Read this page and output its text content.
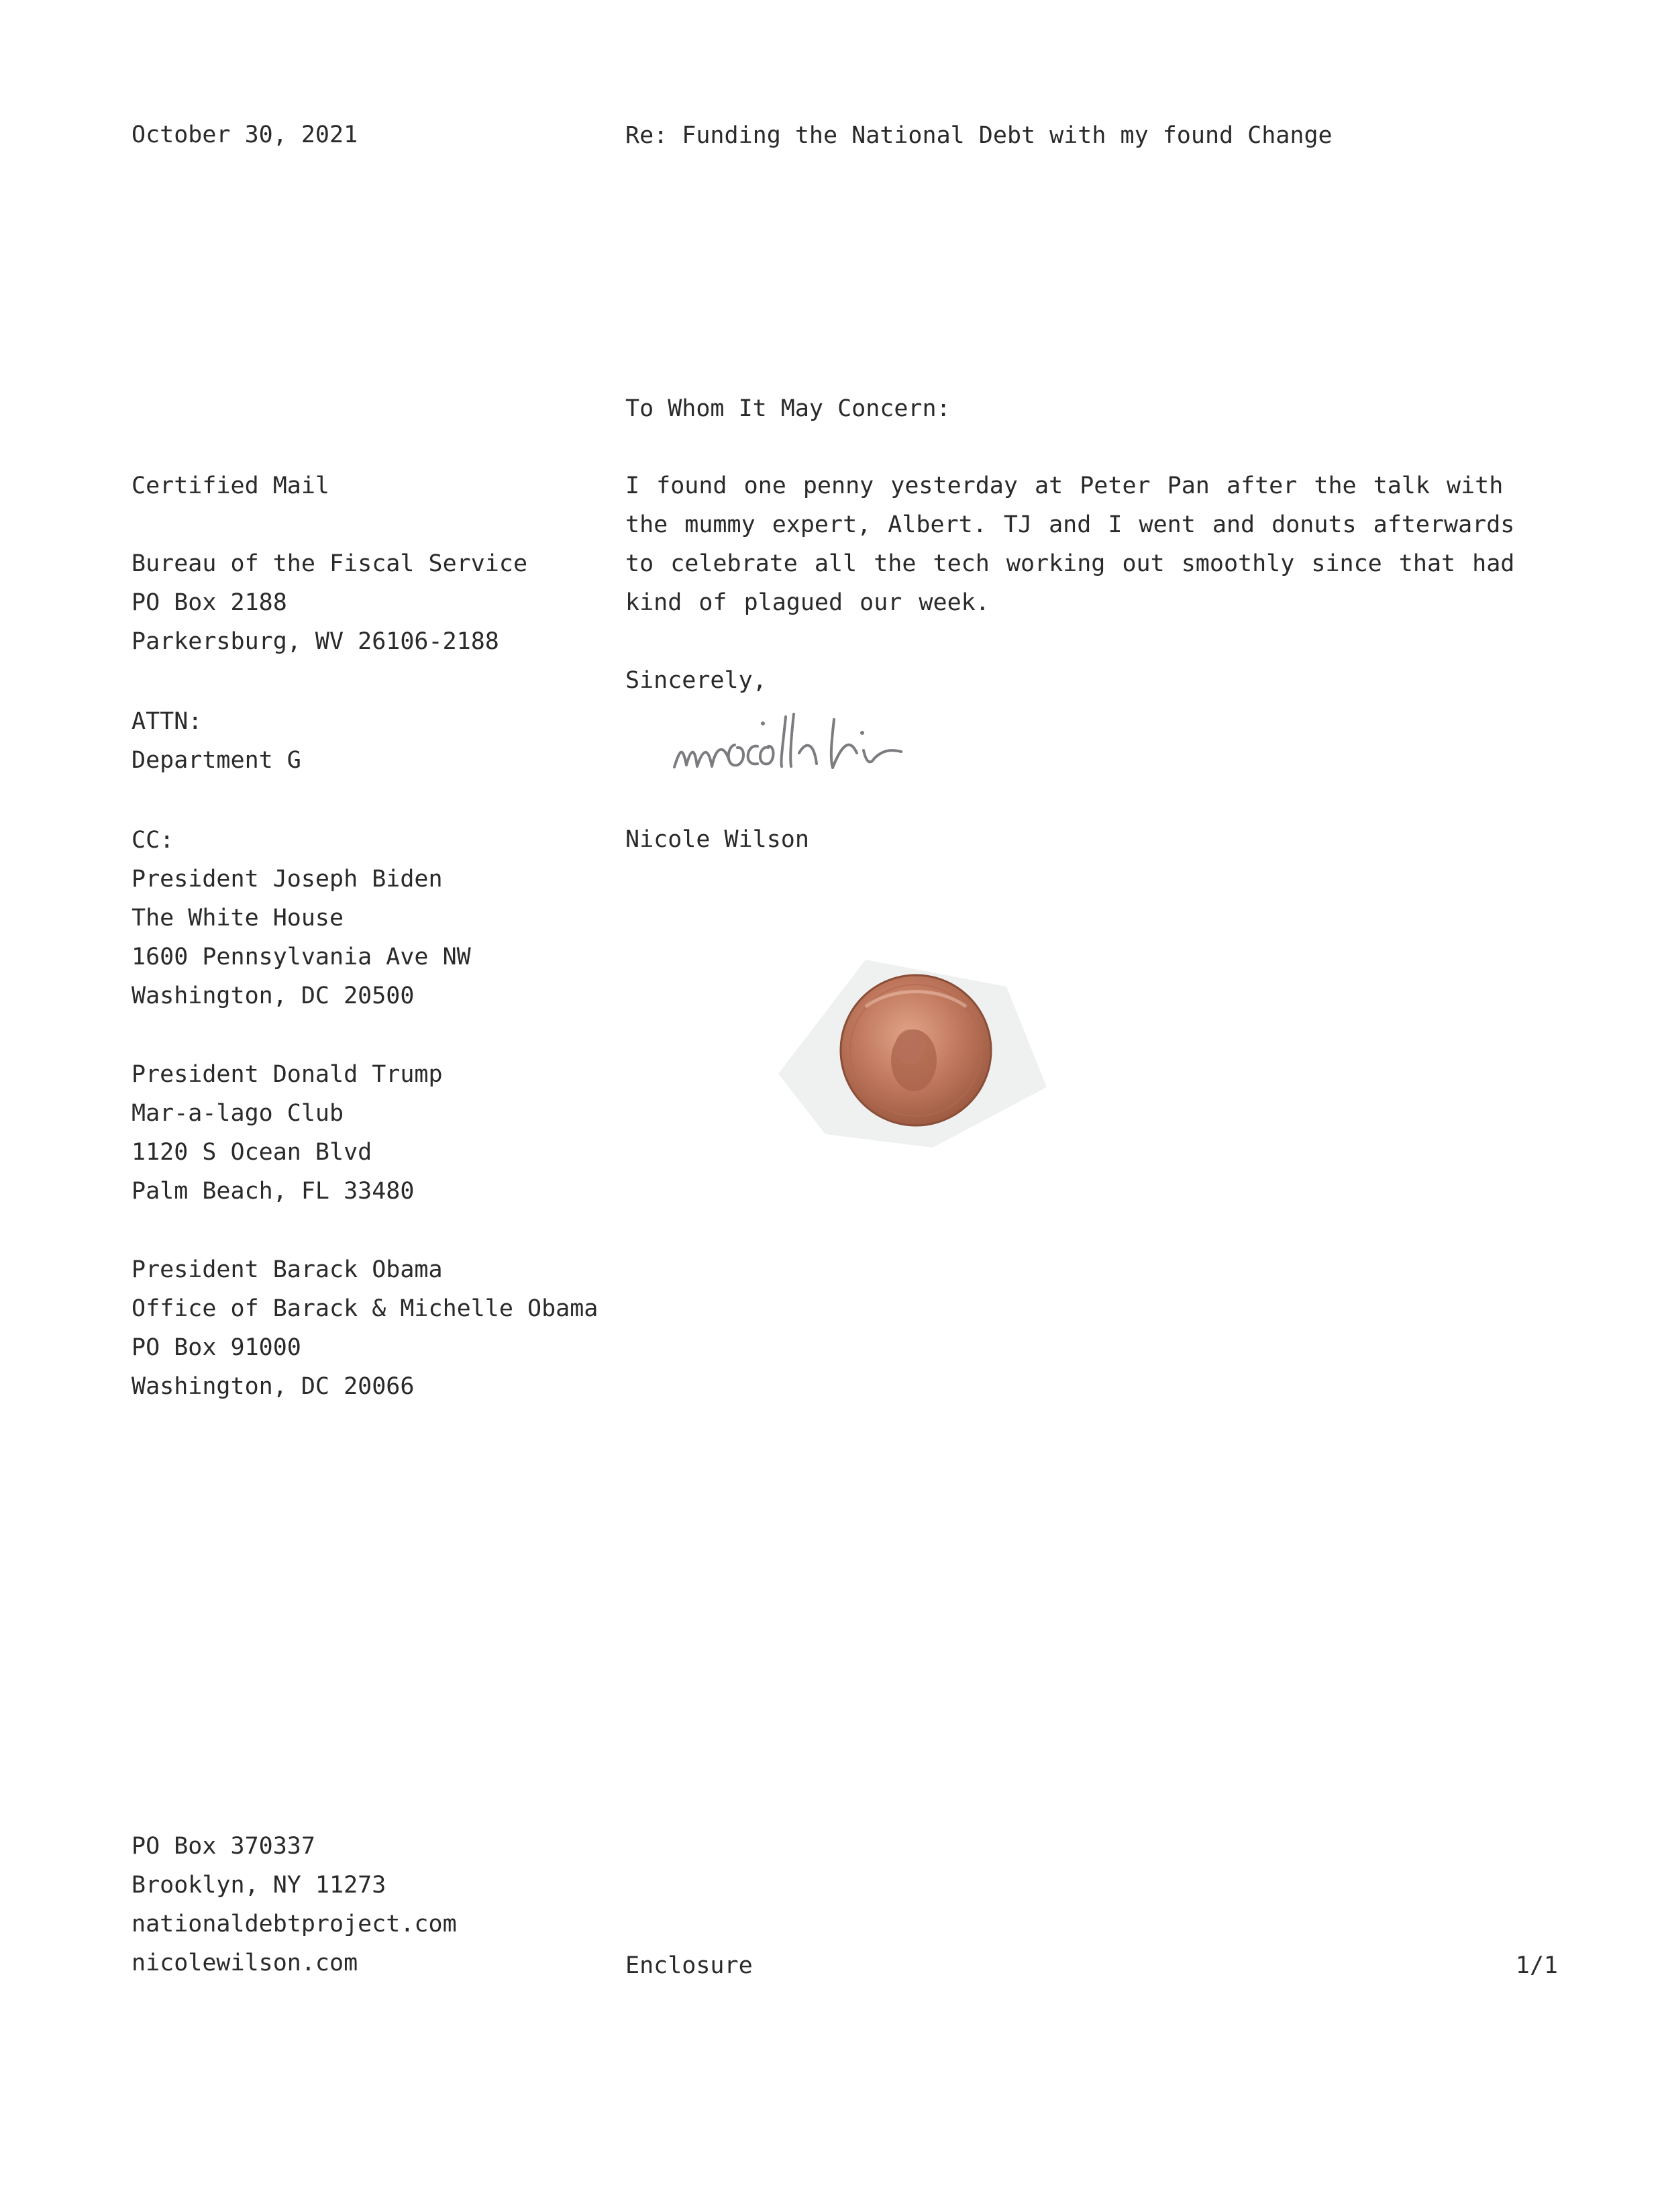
October 30, 2021	Re: Funding the National Debt with my found Change

To Whom It May Concern:

Certified Mail

Bureau of the Fiscal Service
PO Box 2188
Parkersburg, WV 26106-2188
ATTN:
Department G

CC:

President Joseph Biden
The White House
1600 Pennsylvania Ave NW
Washington, DC 20500
President Donald Trump
Mar-a-lago Club
1120 S Ocean Blvd
Palm Beach, FL 33480
President Barack Obama
Office of Barack & Michelle Obama
PO Box 91000
Washington, DC 20066

I found one penny yesterday at Peter Pan after the talk with the mummy expert, Albert. TJ and I went and donuts afterwards to celebrate all the tech working out smoothly since that had kind of plagued our week.

Sincerely,

Nicole Wilson

PO Box 370337
Brooklyn, NY 11273
nationaldebtproject.com
nicolewilson.com	Enclosure	1/1
